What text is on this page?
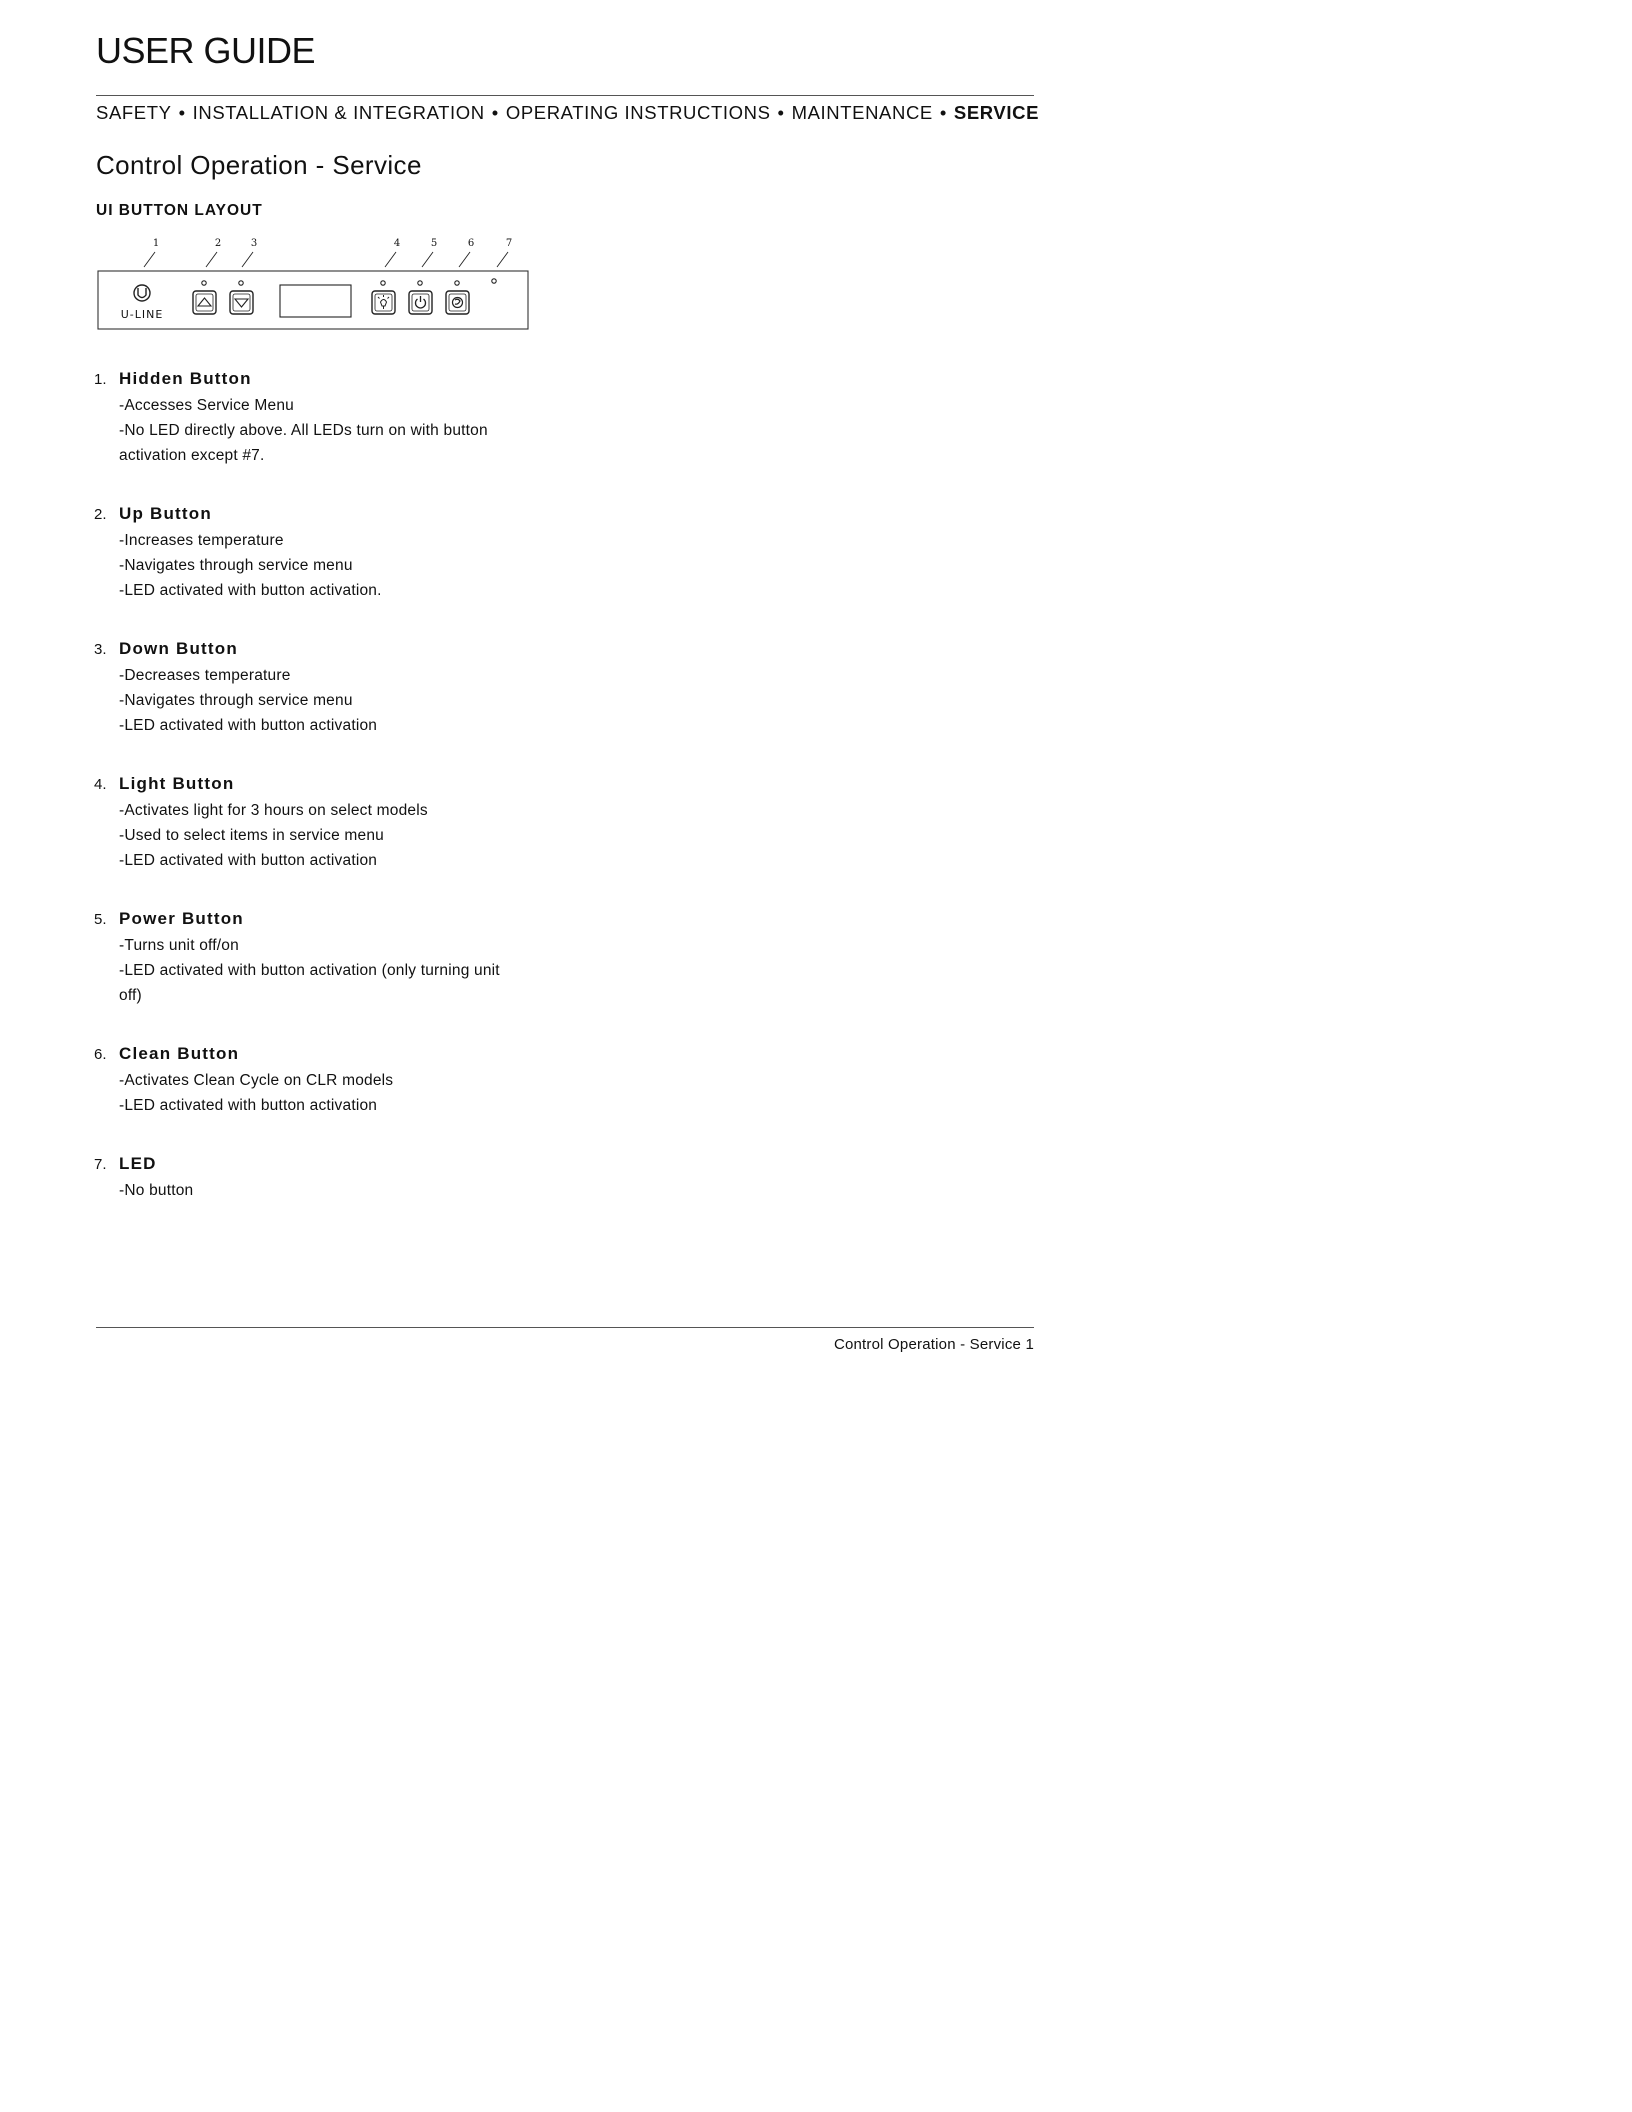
USER GUIDE
SAFETY • INSTALLATION & INTEGRATION • OPERATING INSTRUCTIONS • MAINTENANCE • SERVICE
Control Operation - Service
UI BUTTON LAYOUT
1	2	3	4	5	6	7
U-LINE
1. Hidden Button
-Accesses Service Menu
-No LED directly above. All LEDs turn on with button
activation except #7.
2. Up Button
-Increases temperature
-Navigates through service menu
-LED activated with button activation.
3. Down Button
-Decreases temperature
-Navigates through service menu
-LED activated with button activation
4. Light Button
-Activates light for 3 hours on select models
-Used to select items in service menu
-LED activated with button activation
5. Power Button
-Turns unit off/on
-LED activated with button activation (only turning unit
off)
6. Clean Button
-Activates Clean Cycle on CLR models
-LED activated with button activation
7. LED
-No button
Control Operation - Service 1
